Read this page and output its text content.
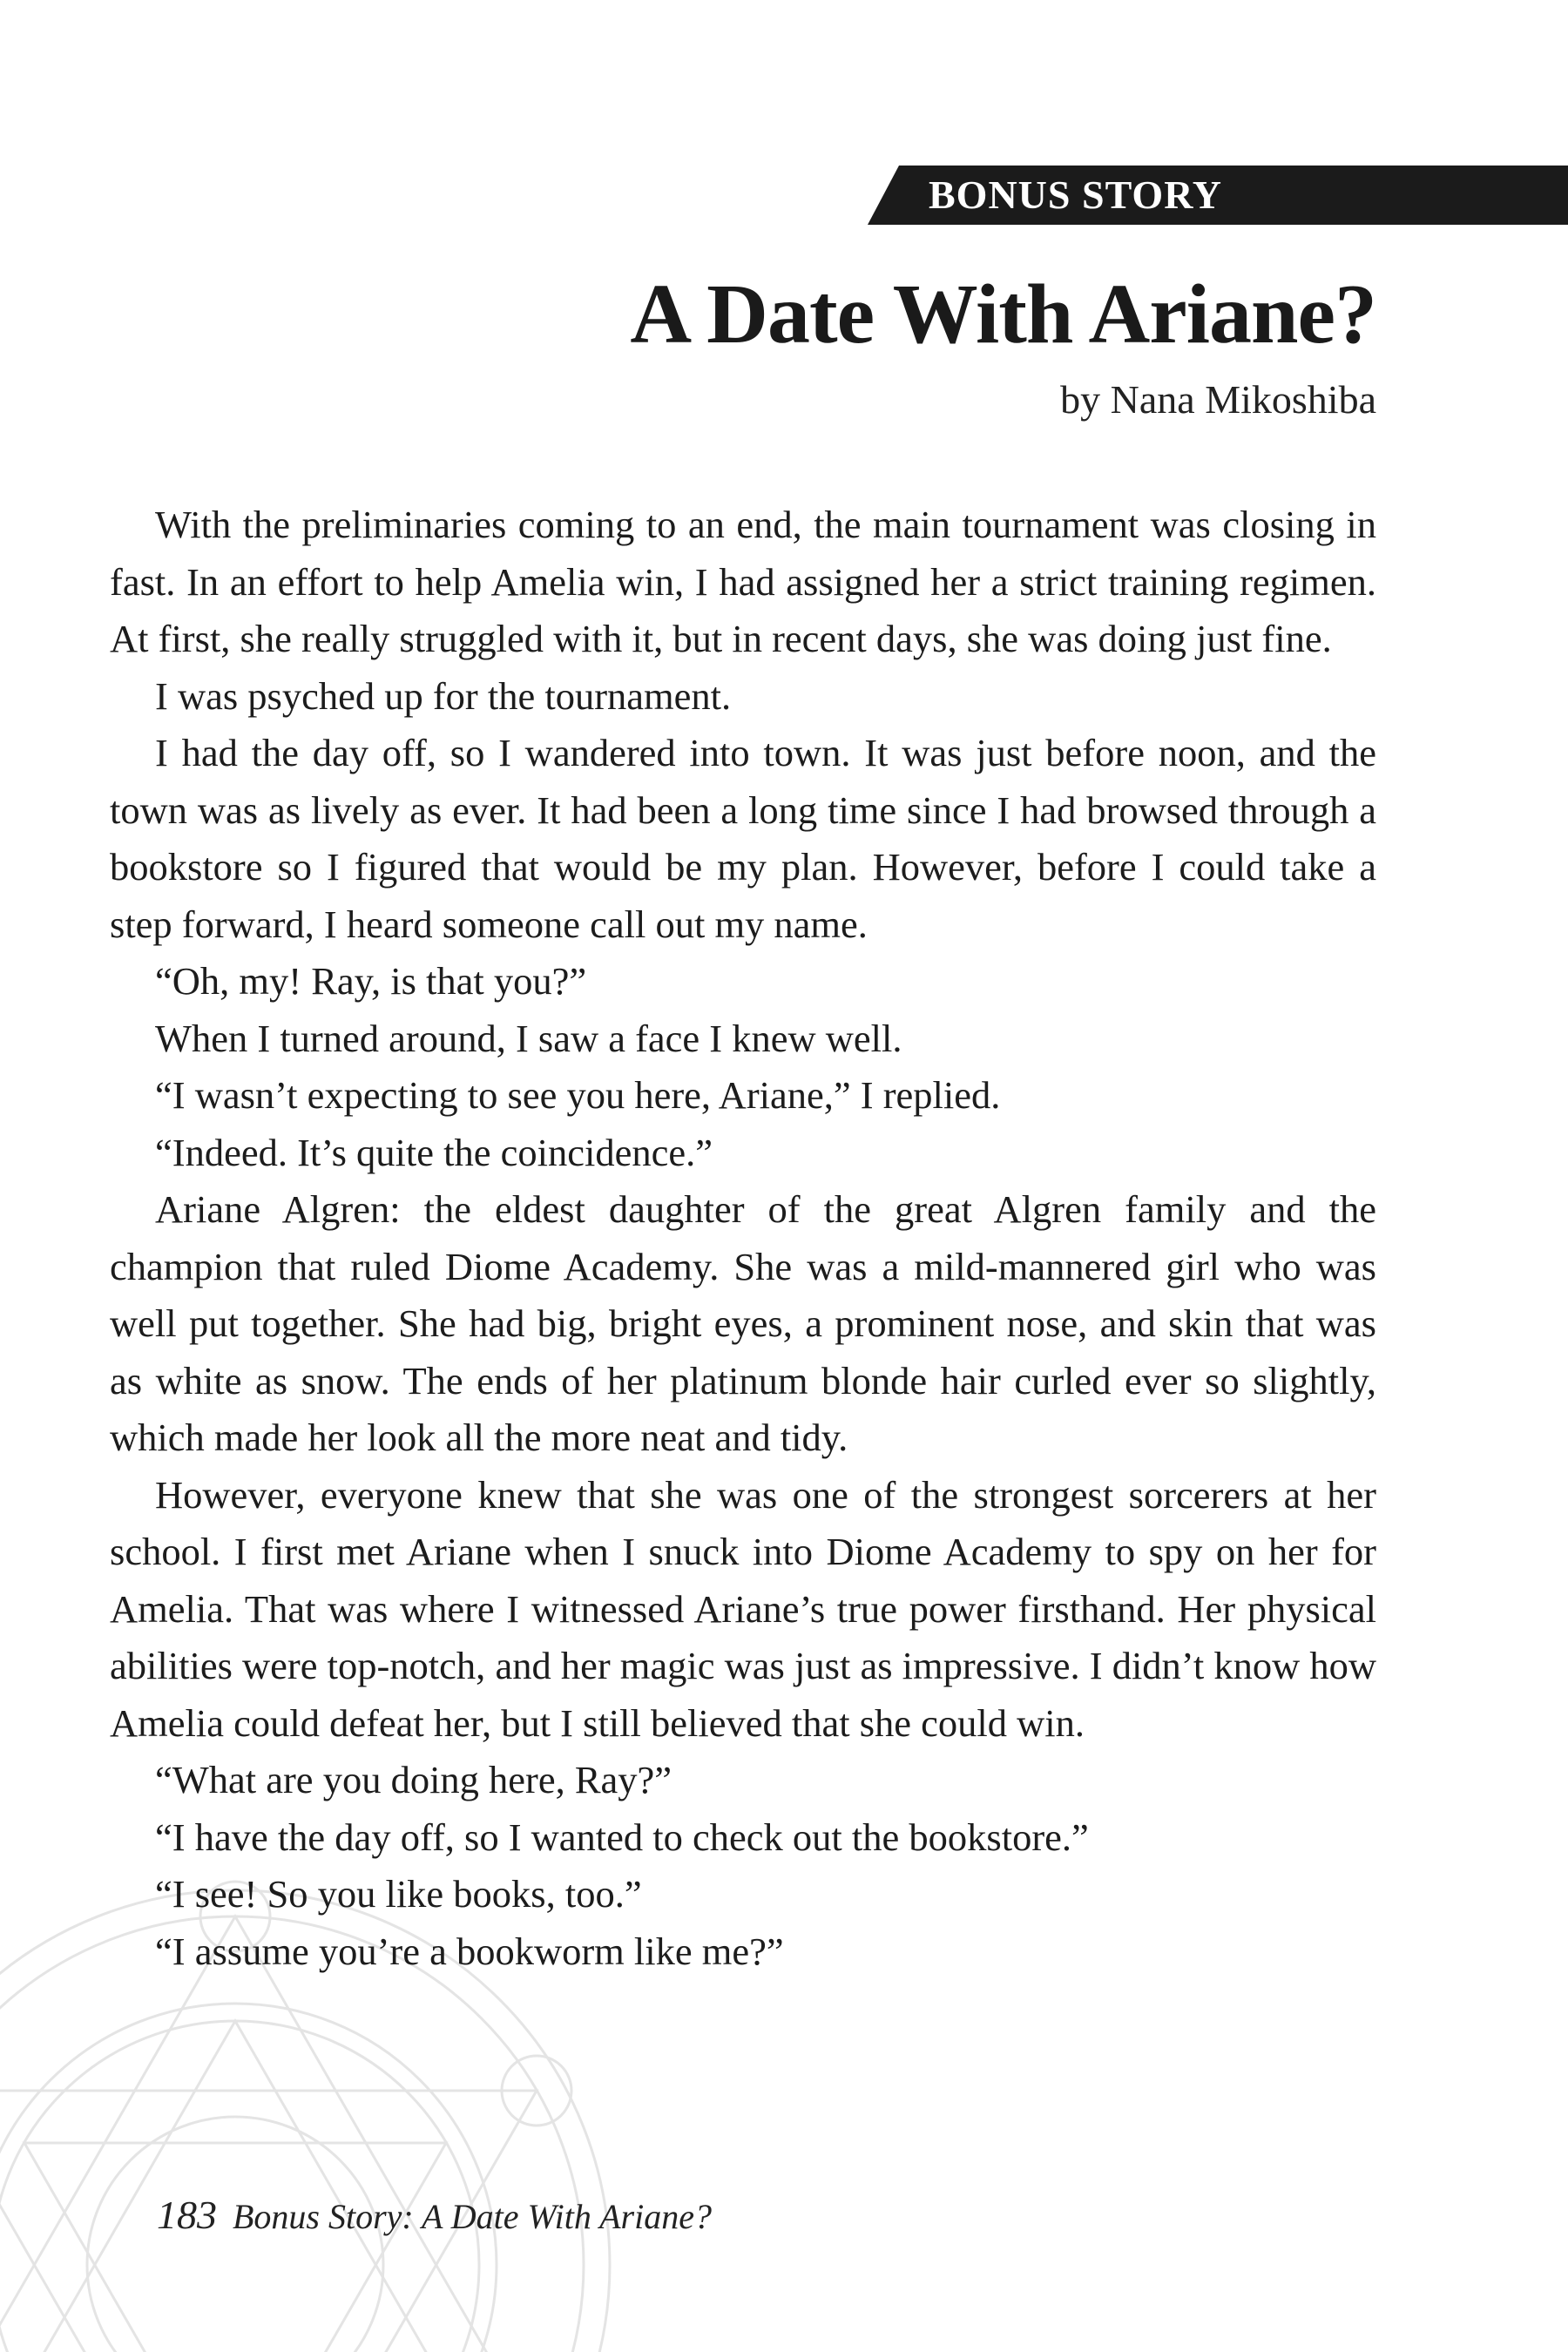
BONUS STORY
A Date With Ariane?
by Nana Mikoshiba

With the preliminaries coming to an end, the main tournament was closing in fast. In an effort to help Amelia win, I had assigned her a strict training regimen. At first, she really struggled with it, but in recent days, she was doing just fine.

I was psyched up for the tournament.

I had the day off, so I wandered into town. It was just before noon, and the town was as lively as ever. It had been a long time since I had browsed through a bookstore so I figured that would be my plan. However, before I could take a step forward, I heard someone call out my name.

“Oh, my! Ray, is that you?”

When I turned around, I saw a face I knew well.

“I wasn’t expecting to see you here, Ariane,” I replied.

“Indeed. It’s quite the coincidence.”

Ariane Algren: the eldest daughter of the great Algren family and the champion that ruled Diome Academy. She was a mild-mannered girl who was well put together. She had big, bright eyes, a prominent nose, and skin that was as white as snow. The ends of her platinum blonde hair curled ever so slightly, which made her look all the more neat and tidy.

However, everyone knew that she was one of the strongest sorcerers at her school. I first met Ariane when I snuck into Diome Academy to spy on her for Amelia. That was where I witnessed Ariane’s true power firsthand. Her physical abilities were top-notch, and her magic was just as impressive. I didn’t know how Amelia could defeat her, but I still believed that she could win.

“What are you doing here, Ray?”

“I have the day off, so I wanted to check out the bookstore.”

“I see! So you like books, too.”

“I assume you’re a bookworm like me?”

183 Bonus Story: A Date With Ariane?
